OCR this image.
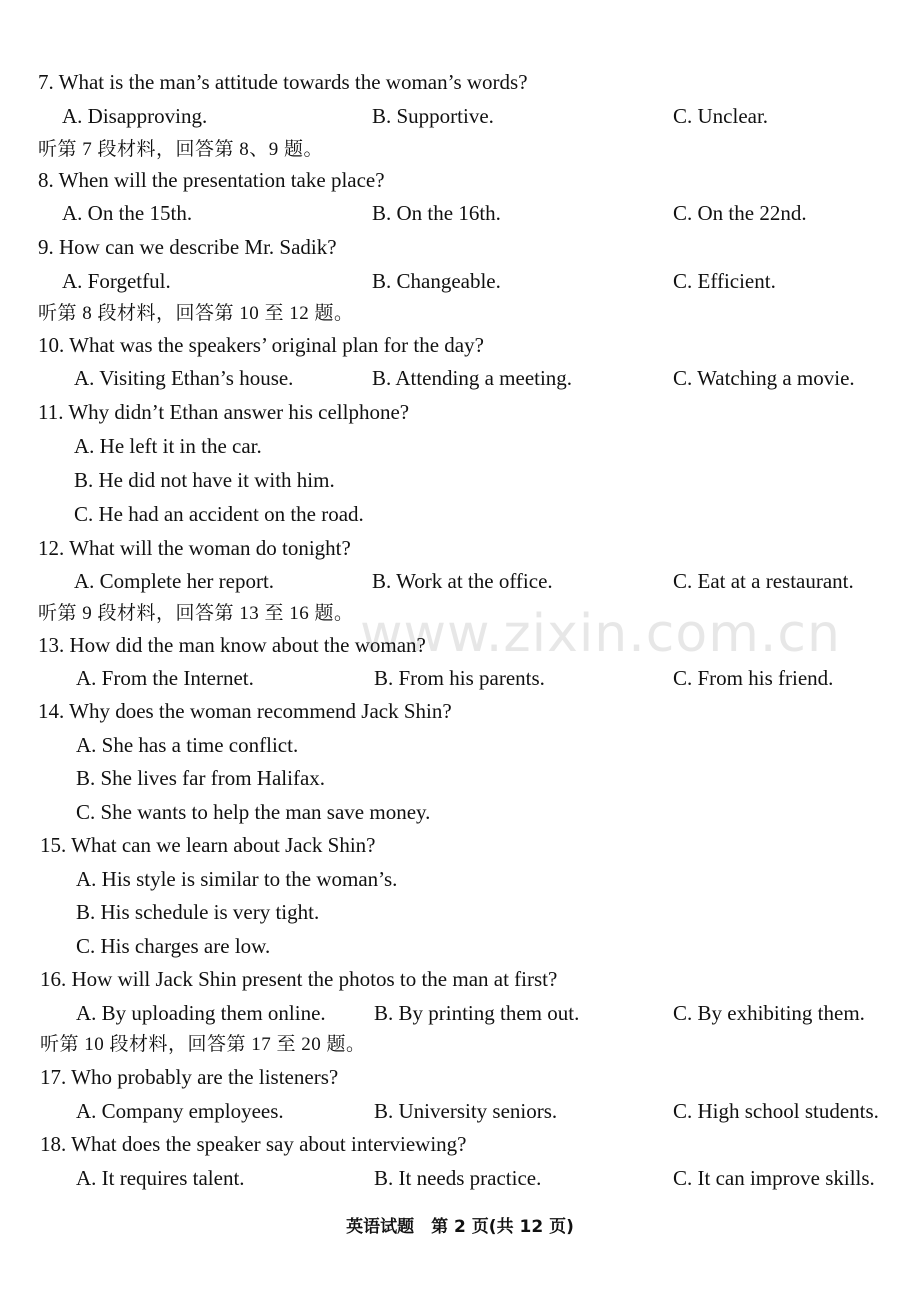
www.zixin.com.cn
英语试题　第 2 页(共 12 页)
7. What is the man’s attitude towards the woman’s words?
A. Disapproving.	B. Supportive.	C. Unclear.
听第 7 段材料，回答第 8、9 题。
8. When will the presentation take place?
A. On the 15th.	B. On the 16th.	C. On the 22nd.
9. How can we describe Mr. Sadik?
A. Forgetful.	B. Changeable.	C. Efficient.
听第 8 段材料，回答第 10 至 12 题。
10. What was the speakers’ original plan for the day?
A. Visiting Ethan’s house.	B. Attending a meeting.	C. Watching a movie.
11. Why didn’t Ethan answer his cellphone?
A. He left it in the car.
B. He did not have it with him.
C. He had an accident on the road.
12. What will the woman do tonight?
A. Complete her report.	B. Work at the office.	C. Eat at a restaurant.
听第 9 段材料，回答第 13 至 16 题。
13. How did the man know about the woman?
A. From the Internet.	B. From his parents.	C. From his friend.
14. Why does the woman recommend Jack Shin?
A. She has a time conflict.
B. She lives far from Halifax.
C. She wants to help the man save money.
15. What can we learn about Jack Shin?
A. His style is similar to the woman’s.
B. His schedule is very tight.
C. His charges are low.
16. How will Jack Shin present the photos to the man at first?
A. By uploading them online. B. By printing them out.	C. By exhibiting them.
听第 10 段材料，回答第 17 至 20 题。
17. Who probably are the listeners?
A. Company employees.	B. University seniors.	C. High school students.
18. What does the speaker say about interviewing?
A. It requires talent.	B. It needs practice.	C. It can improve skills.
